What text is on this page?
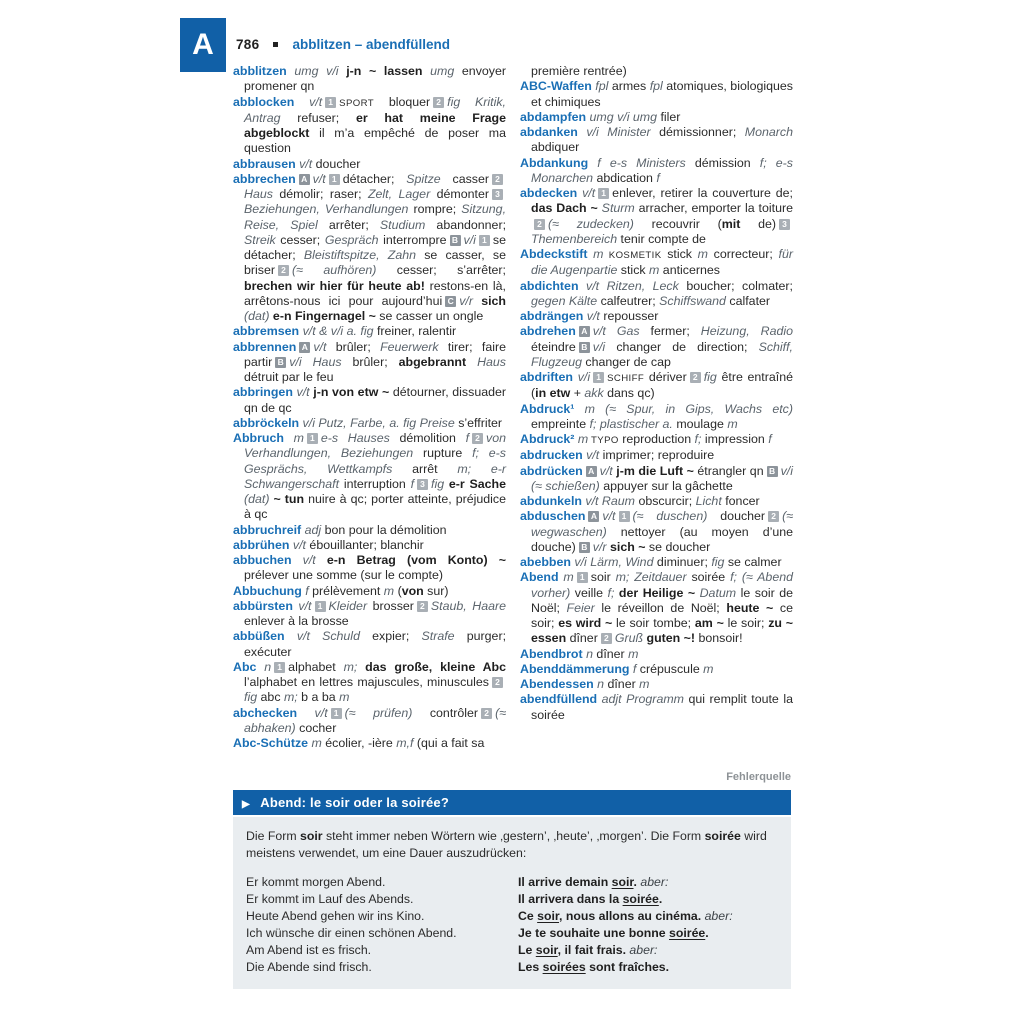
A	786 abblitzen – abendfüllend

abblitzen umg v/i j-n ~ lassen umg envoyer promener qn

abblocken v/t 1 SPORT bloquer 2 fig Kritik, Antrag refuser; er hat meine Frage abgeblockt il m’a empêché de poser ma question

abbrausen v/t doucher

abbrechen A v/t 1 détacher; Spitze casser 2Haus démolir; raser; Zelt, Lager démonter 3Beziehungen, Verhandlungen rompre; Sitzung, Reise, Spiel arrêter; Studium abandonner; Streik cesser; Gespräch interrompre B v/i 1 se détacher; Bleistiftspitze, Zahn se casser, se briser 2 (≈ aufhören) cesser; s’arrêter; brechen wir hier für heute ab! restons-en là, arrêtons-nous ici pour aujourd’hui C v/r sich (dat) e-n Fingernagel ~ se casser un ongle

abbremsen v/t & v/i a. fig freiner, ralentir

abbrennen A v/t brûler; Feuerwerk tirer; faire partir B v/i Haus brûler; abgebrannt Haus détruit par le feu

abbringen v/t j-n von etw ~ détourner, dissuader qn de qc

abbröckeln v/i Putz, Farbe, a. fig Preise s’effriter

Abbruch m 1 e-s Hauses démolition f 2 von Verhandlungen, Beziehungen rupture f; e-s Gesprächs, Wettkampfs arrêt m; e-r Schwangerschaft interruption f 3 fig e-r Sache (dat) ~ tun nuire à qc; porter atteinte, préjudice à qc

abbruchreif adj bon pour la démolition

abbrühen v/t ébouillanter; blanchir

abbuchen v/t e-n Betrag (vom Konto) ~ prélever une somme (sur le compte)

Abbuchung f prélèvement m (von sur)

abbürsten v/t 1 Kleider brosser 2 Staub, Haare enlever à la brosse

abbüßen v/t Schuld expier; Strafe purger; exécuter

Abc n 1 alphabet m; das große, kleine Abc l’alphabet en lettres majuscules, minuscules 2fig abc m; b a ba m

abchecken v/t 1 (≈ prüfen) contrôler 2 (≈ abhaken) cocher

Abc-Schütze m écolier, -ière m,f (qui a fait sa

première rentrée)

ABC-Waffen fpl armes fpl atomiques, biologiques et chimiques

abdampfen umg v/i umg filer

abdanken v/i Minister démissionner; Monarch abdiquer

Abdankung f e-s Ministers démission f; e-s Monarchen abdication f

abdecken v/t 1 enlever, retirer la couverture de; das Dach ~ Sturm arracher, emporter la toiture2 (≈ zudecken) recouvrir (mit de) 3Themenbereich tenir compte de

Abdeckstift m KOSMETIK stick m correcteur; für die Augenpartie stick m anticernes

abdichten v/t Ritzen, Leck boucher; colmater; gegen Kälte calfeutrer; Schiffswand calfater

abdrängen v/t repousser

abdrehen A v/t Gas fermer; Heizung, Radio éteindre B v/i changer de direction; Schiff, Flugzeug changer de cap

abdriften v/i 1 SCHIFF dériver 2 fig être entraîné (in etw + akk dans qc)

Abdruck¹ m (≈ Spur, in Gips, Wachs etc) empreinte f; plastischer a. moulage m

Abdruck² m TYPO reproduction f; impression f

abdrucken v/t imprimer; reproduire

abdrücken A v/t j-m die Luft ~ étrangler qn B v/i (≈ schießen) appuyer sur la gâchette

abdunkeln v/t Raum obscurcir; Licht foncer

abduschen A v/t 1 (≈ duschen) doucher 2 (≈ wegwaschen) nettoyer (au moyen d’une douche) B v/r sich ~ se doucher

abebben v/i Lärm, Wind diminuer; fig se calmer

Abend m 1 soir m; Zeitdauer soirée f; (≈ Abend vorher) veille f; der Heilige ~ Datum le soir de Noël; Feier le réveillon de Noël; heute ~ ce soir; es wird ~ le soir tombe; am ~ le soir; zu ~ essen dîner 2 Gruß guten ~! bonsoir!

Abendbrot n dîner m

Abenddämmerung f crépuscule m

Abendessen n dîner m

abendfüllend adjt Programm qui remplit toute la soirée

Fehlerquelle
▶ Abend: le soir oder la soirée?

Die Form soir steht immer neben Wörtern wie ‚gestern’, ‚heute’, ‚morgen’. Die Form soirée wird meistens verwendet, um eine Dauer auszudrücken:

Er kommt morgen Abend.	Il arrive demain soir. aber:
Er kommt im Lauf des Abends.	Il arrivera dans la soirée.
Heute Abend gehen wir ins Kino.	Ce soir, nous allons au cinéma. aber:
Ich wünsche dir einen schönen Abend.	Je te souhaite une bonne soirée.
Am Abend ist es frisch.	Le soir, il fait frais. aber:
Die Abende sind frisch.	Les soirées sont fraîches.
